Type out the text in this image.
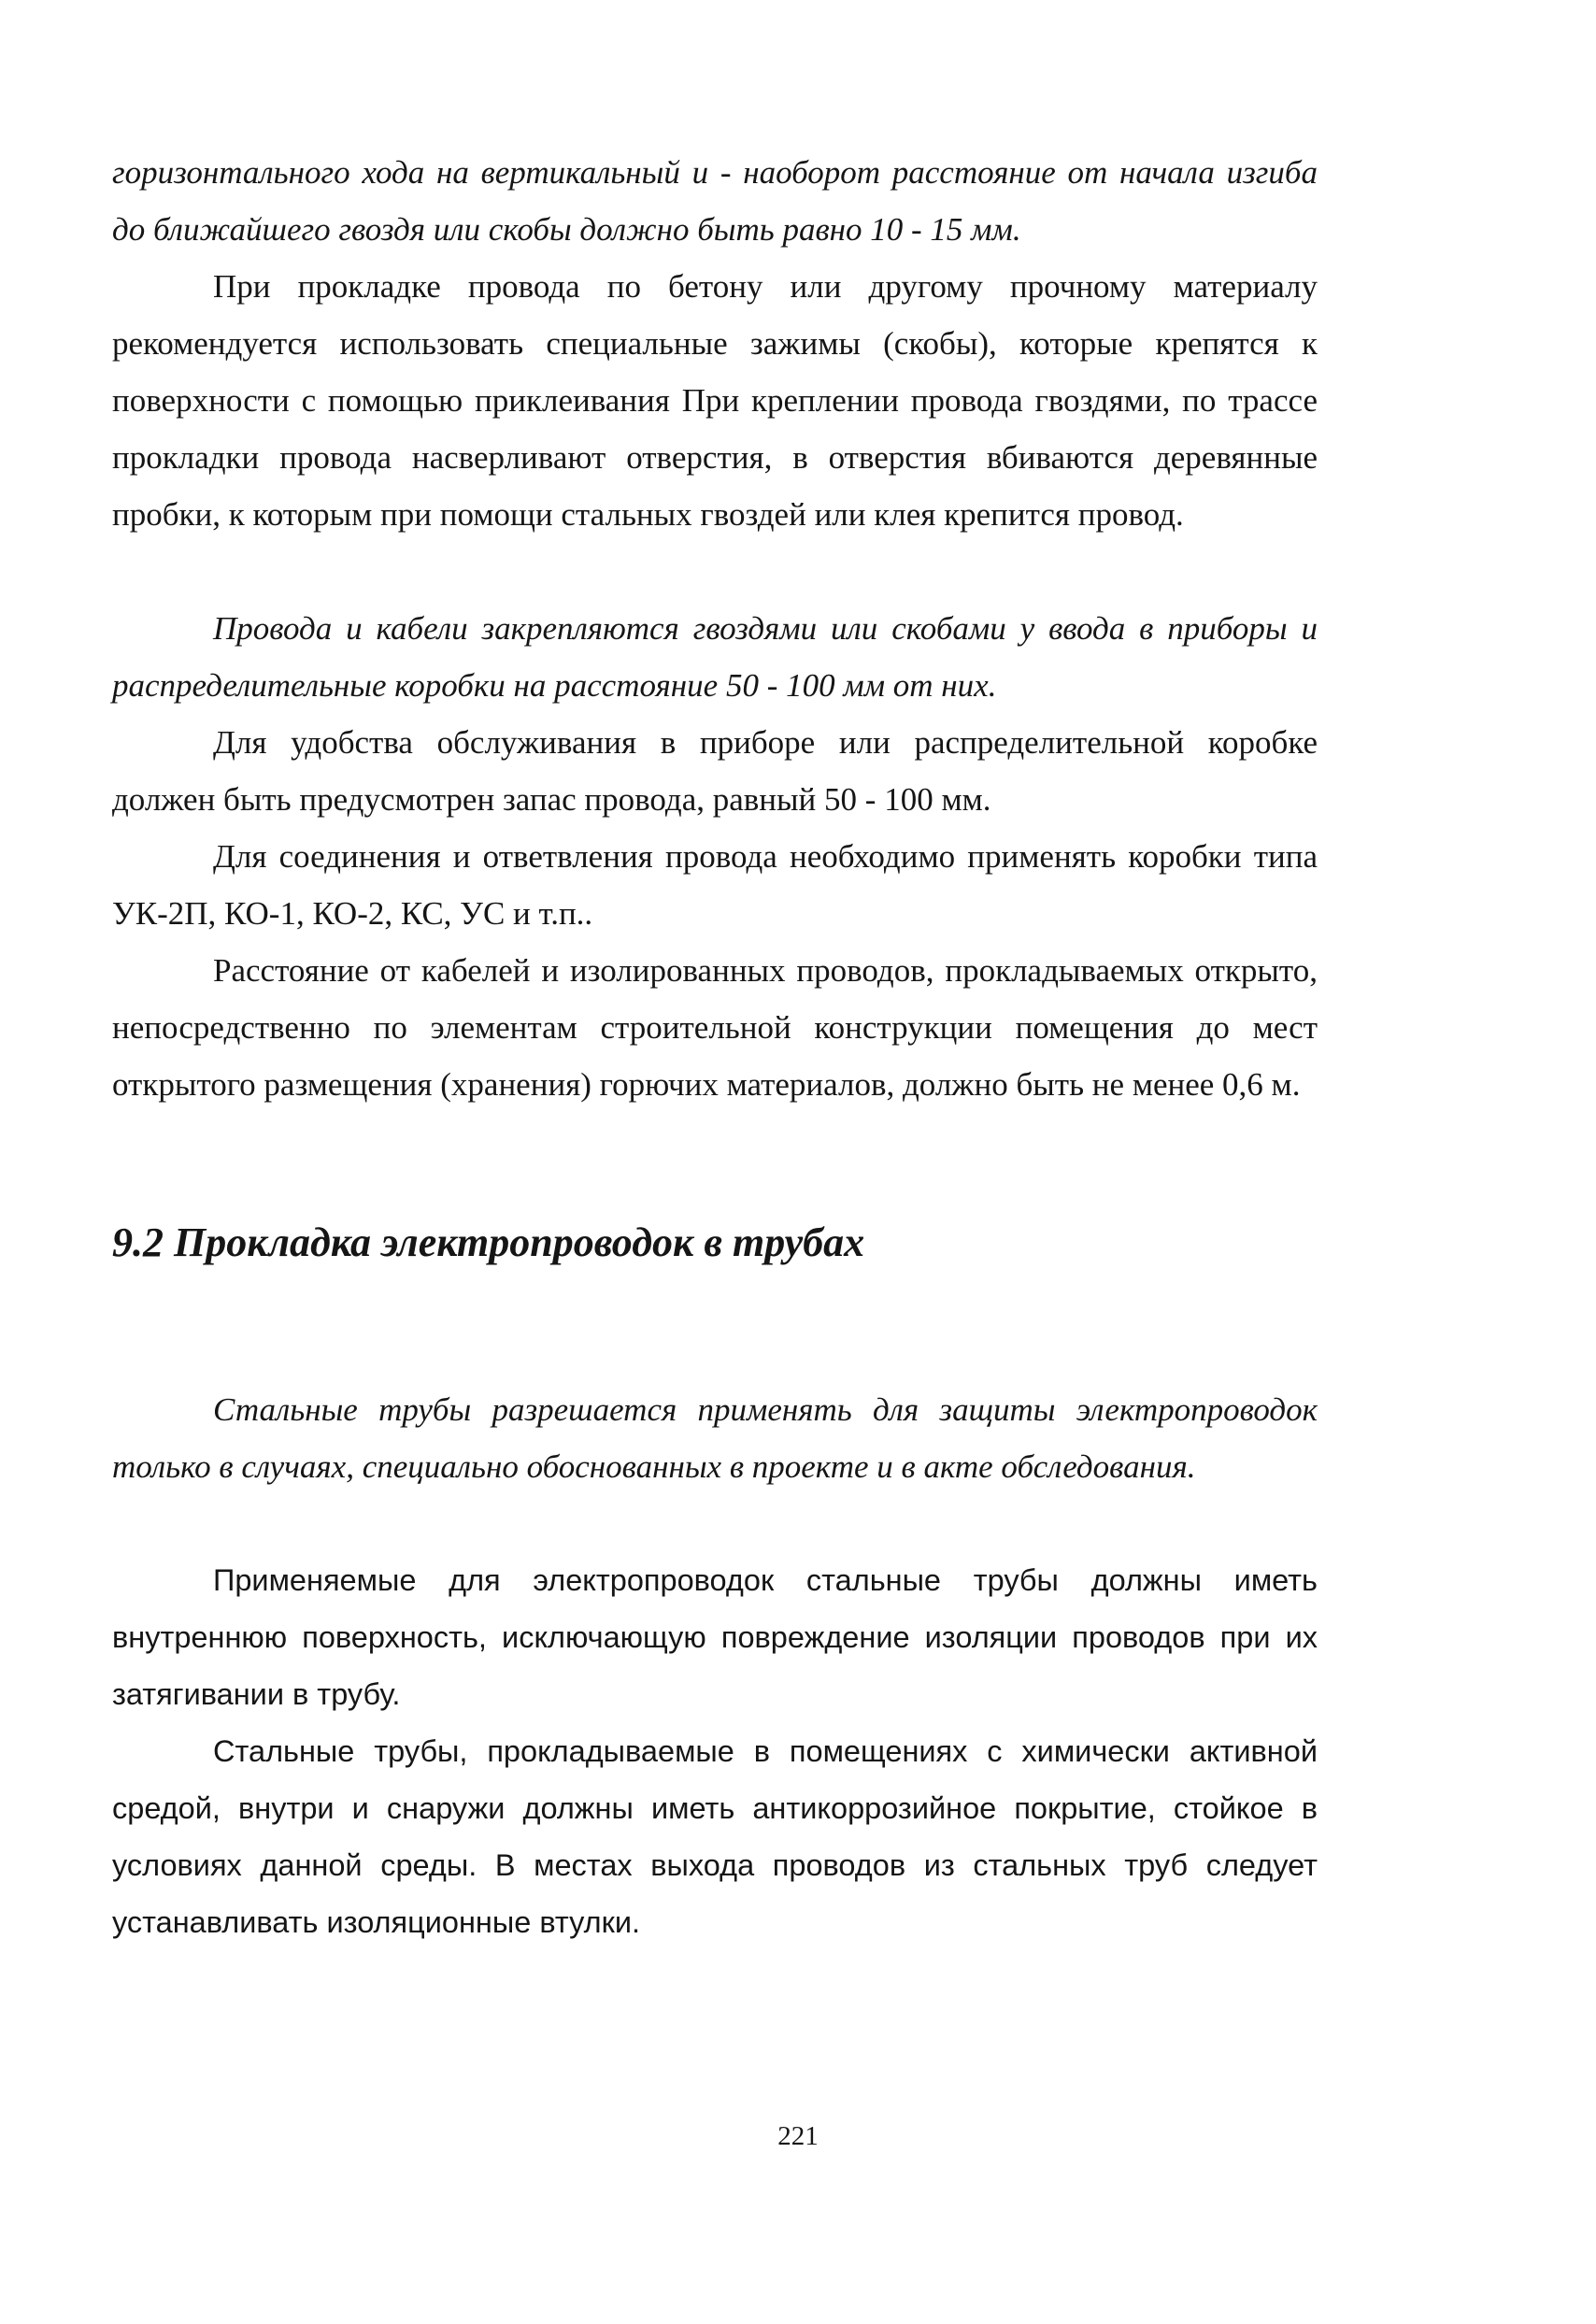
горизонтального хода на вертикальный и - наоборот расстояние от начала изгиба до ближайшего гвоздя или скобы должно быть равно 10 - 15 мм.

При прокладке провода по бетону или другому прочному материалу рекомендуется использовать специальные зажимы (скобы), которые крепятся к поверхности с помощью приклеивания При креплении провода гвоздями, по трассе прокладки провода насверливают отверстия, в отверстия вбиваются деревянные пробки, к которым при помощи стальных гвоздей или клея крепится провод.

Провода и кабели закрепляются гвоздями или скобами у ввода в приборы и распределительные коробки на расстояние 50 - 100 мм от них.

Для удобства обслуживания в приборе или распределительной коробке должен быть предусмотрен запас провода, равный 50 - 100 мм.

Для соединения и ответвления провода необходимо применять коробки типа УК-2П, КО-1, КО-2, КС, УС и т.п..

Расстояние от кабелей и изолированных проводов, прокладываемых открыто, непосредственно по элементам строительной конструкции помещения до мест открытого размещения (хранения) горючих материалов, должно быть не менее 0,6 м.

9.2 Прокладка электропроводок в трубах

Стальные трубы разрешается применять для защиты электропроводок только в случаях, специально обоснованных в проекте и в акте обследования.

Применяемые для электропроводок стальные трубы должны иметь внутреннюю поверхность, исключающую повреждение изоляции проводов при их затягивании в трубу.

Стальные трубы, прокладываемые в помещениях с химически активной средой, внутри и снаружи должны иметь антикоррозийное покрытие, стойкое в условиях данной среды. В местах выхода проводов из стальных труб следует устанавливать изоляционные втулки.

221
